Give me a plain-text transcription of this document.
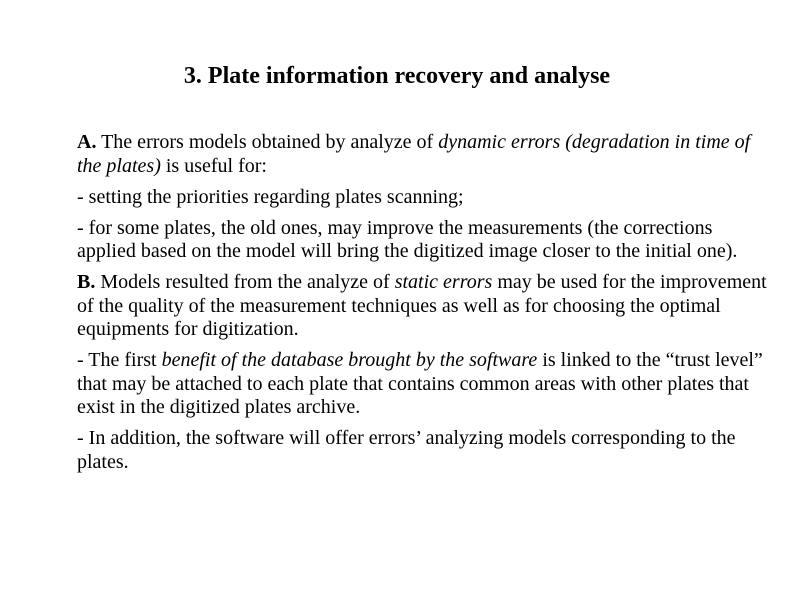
3. Plate information recovery and analyse

A. The errors models obtained by analyze of dynamic errors (degradation in time of the plates) is useful for:

- setting the priorities regarding plates scanning;

- for some plates, the old ones, may improve the measurements (the corrections applied based on the model will bring the digitized image closer to the initial one).

B. Models resulted from the analyze of static errors may be used for the improvement of the quality of the measurement techniques as well as for choosing the optimal equipments for digitization.

- The first benefit of the database brought by the software is linked to the “trust level” that may be attached to each plate that contains common areas with other plates that exist in the digitized plates archive.

- In addition, the software will offer errors’ analyzing models corresponding to the plates.
